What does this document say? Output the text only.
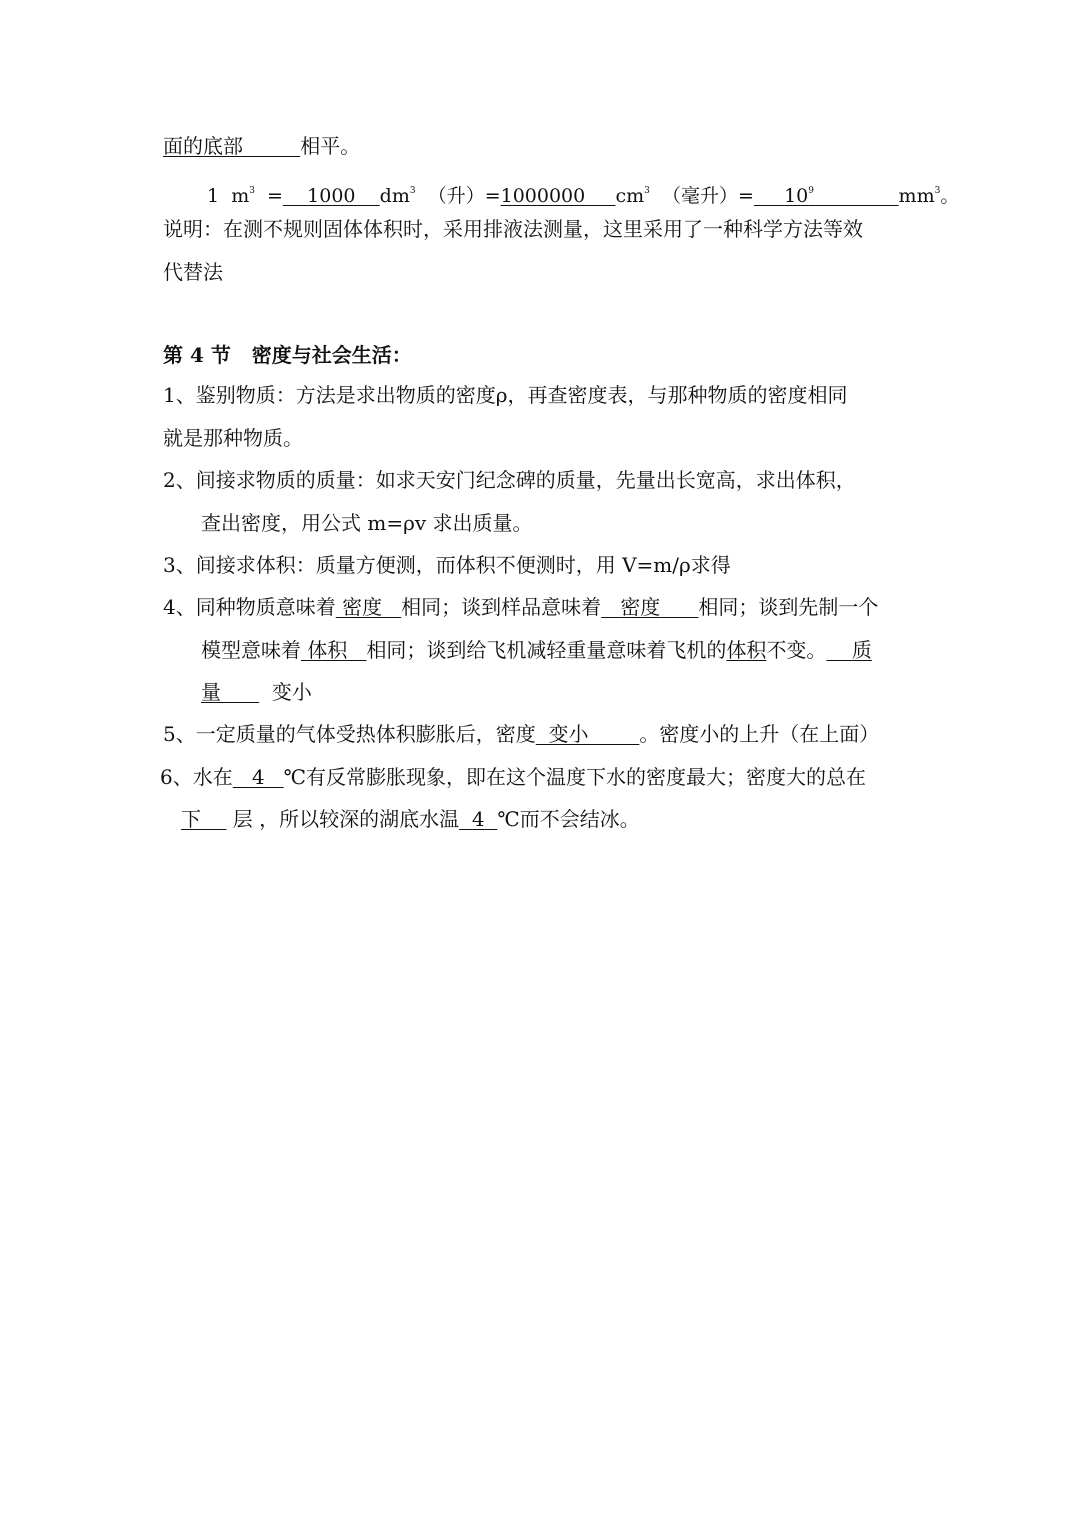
面的底部	相平。
1 $m^3 = 1000$ $dm^3$ （升）=1000000 $cm^3$ （毫升）= $10^9$	$mm^3$。
说明：在测不规则固体体积时，采用排液法测量，这里采用了一种科学方法等效
代替法
第 4 节   密度与社会生活：
1、鉴别物质：方法是求出物质的密度ρ，再查密度表，与那种物质的密度相同
就是那种物质。
2、间接求物质的质量：如求天安门纪念碑的质量，先量出长宽高，求出体积，
查出密度，用公式 m=ρv 求出质量。
3、间接求体积：质量方便测，而体积不便测时，用 V=m/ρ求得
4、同种物质意味着 密度 相同；谈到样品意味着 密度 相同；谈到先制一个
模型意味着 体积 相同；谈到给飞机减轻重量意味着飞机的体积不变。 质
量	变小
5、一定质量的气体受热体积膨胀后，密度 变小	。密度小的上升（在上面）
6、水在 4 ℃有反常膨胀现象，即在这个温度下水的密度最大；密度大的总在
下 层 ，所以较深的湖底水温 4 ℃而不会结冰。
